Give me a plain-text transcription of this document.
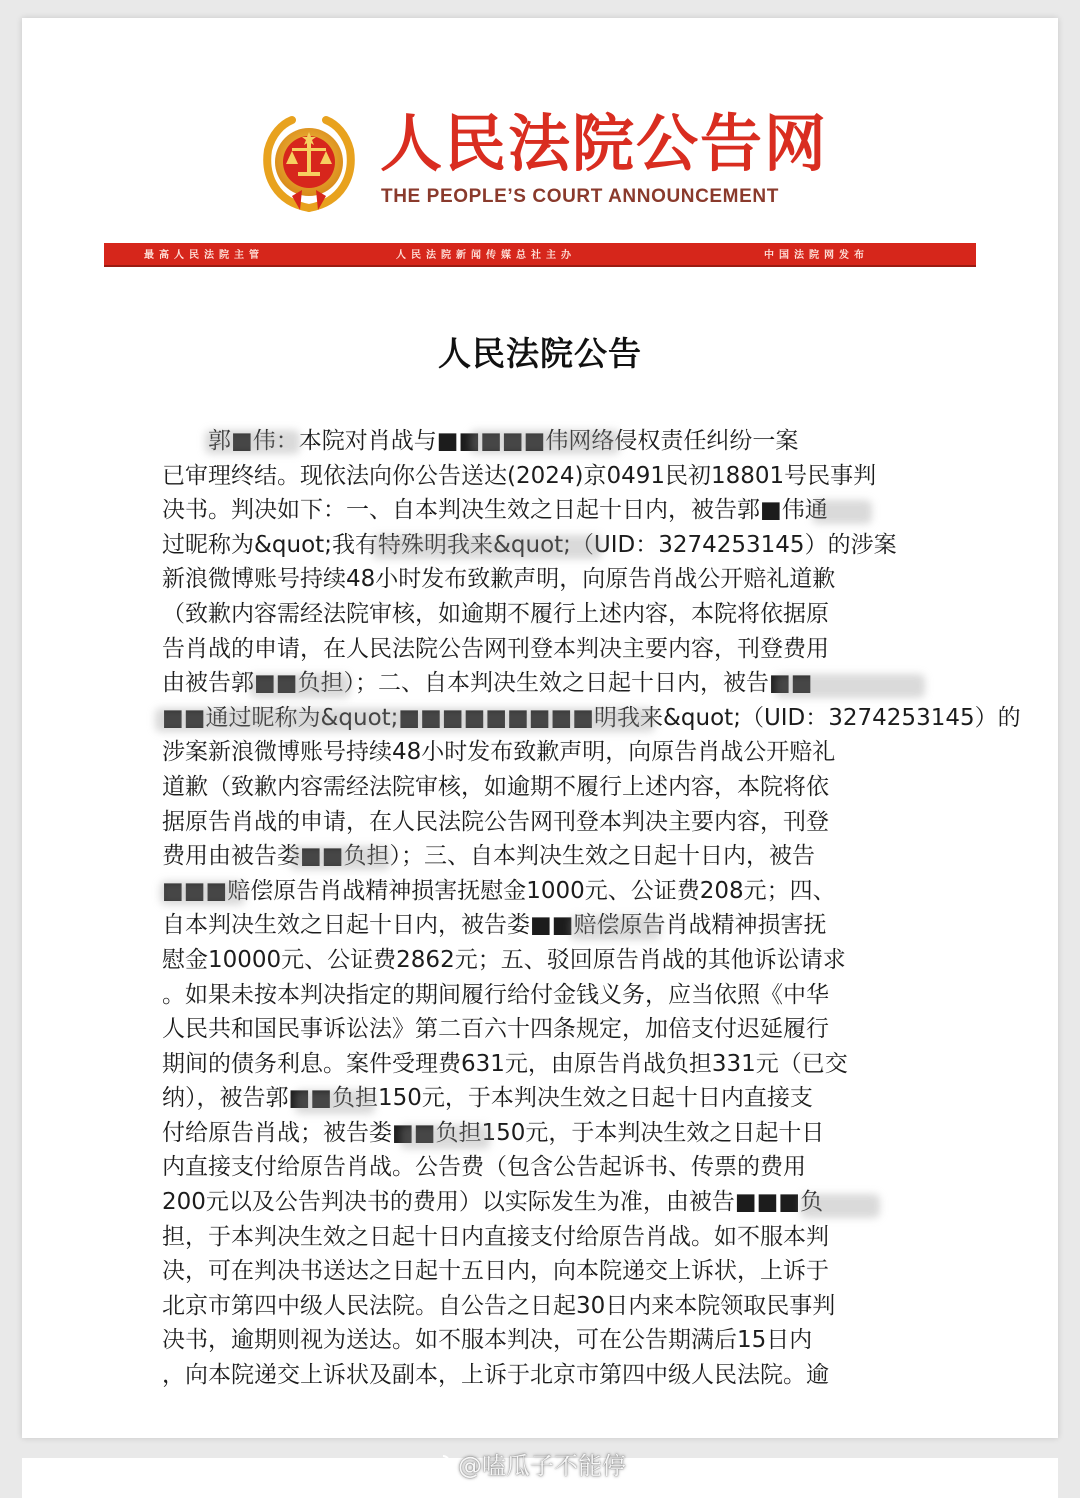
人民法院公告网
THE PEOPLE’S COURT ANNOUNCEMENT
最高人民法院主管	人民法院新闻传媒总社主办	中国法院网发布
人民法院公告
郭■伟：本院对肖战与■■■■■伟网络侵权责任纠纷一案
已审理终结。现依法向你公告送达(2024)京0491民初18801号民事判
决书。判决如下：一、自本判决生效之日起十日内，被告郭■伟通
过昵称为&quot;我有特殊明我来&quot;（UID：3274253145）的涉案
新浪微博账号持续48小时发布致歉声明，向原告肖战公开赔礼道歉
（致歉内容需经法院审核，如逾期不履行上述内容，本院将依据原
告肖战的申请，在人民法院公告网刊登本判决主要内容，刊登费用
由被告郭■■负担）；二、自本判决生效之日起十日内，被告■■
■■通过昵称为&quot;■■■■■■■■■明我来&quot;（UID：3274253145）的
涉案新浪微博账号持续48小时发布致歉声明，向原告肖战公开赔礼
道歉（致歉内容需经法院审核，如逾期不履行上述内容，本院将依
据原告肖战的申请，在人民法院公告网刊登本判决主要内容，刊登
费用由被告娄■■负担）；三、自本判决生效之日起十日内，被告
■■■赔偿原告肖战精神损害抚慰金1000元、公证费208元；四、
自本判决生效之日起十日内，被告娄■■赔偿原告肖战精神损害抚
慰金10000元、公证费2862元；五、驳回原告肖战的其他诉讼请求
。如果未按本判决指定的期间履行给付金钱义务，应当依照《中华
人民共和国民事诉讼法》第二百六十四条规定，加倍支付迟延履行
期间的债务利息。案件受理费631元，由原告肖战负担331元（已交
纳），被告郭■■负担150元，于本判决生效之日起十日内直接支
付给原告肖战；被告娄■■负担150元，于本判决生效之日起十日
内直接支付给原告肖战。公告费（包含公告起诉书、传票的费用
200元以及公告判决书的费用）以实际发生为准，由被告■■■负
担，于本判决生效之日起十日内直接支付给原告肖战。如不服本判
决，可在判决书送达之日起十五日内，向本院递交上诉状，上诉于
北京市第四中级人民法院。自公告之日起30日内来本院领取民事判
决书，逾期则视为送达。如不服本判决，可在公告期满后15日内
，向本院递交上诉状及副本，上诉于北京市第四中级人民法院。逾
@嗑瓜子不能停
